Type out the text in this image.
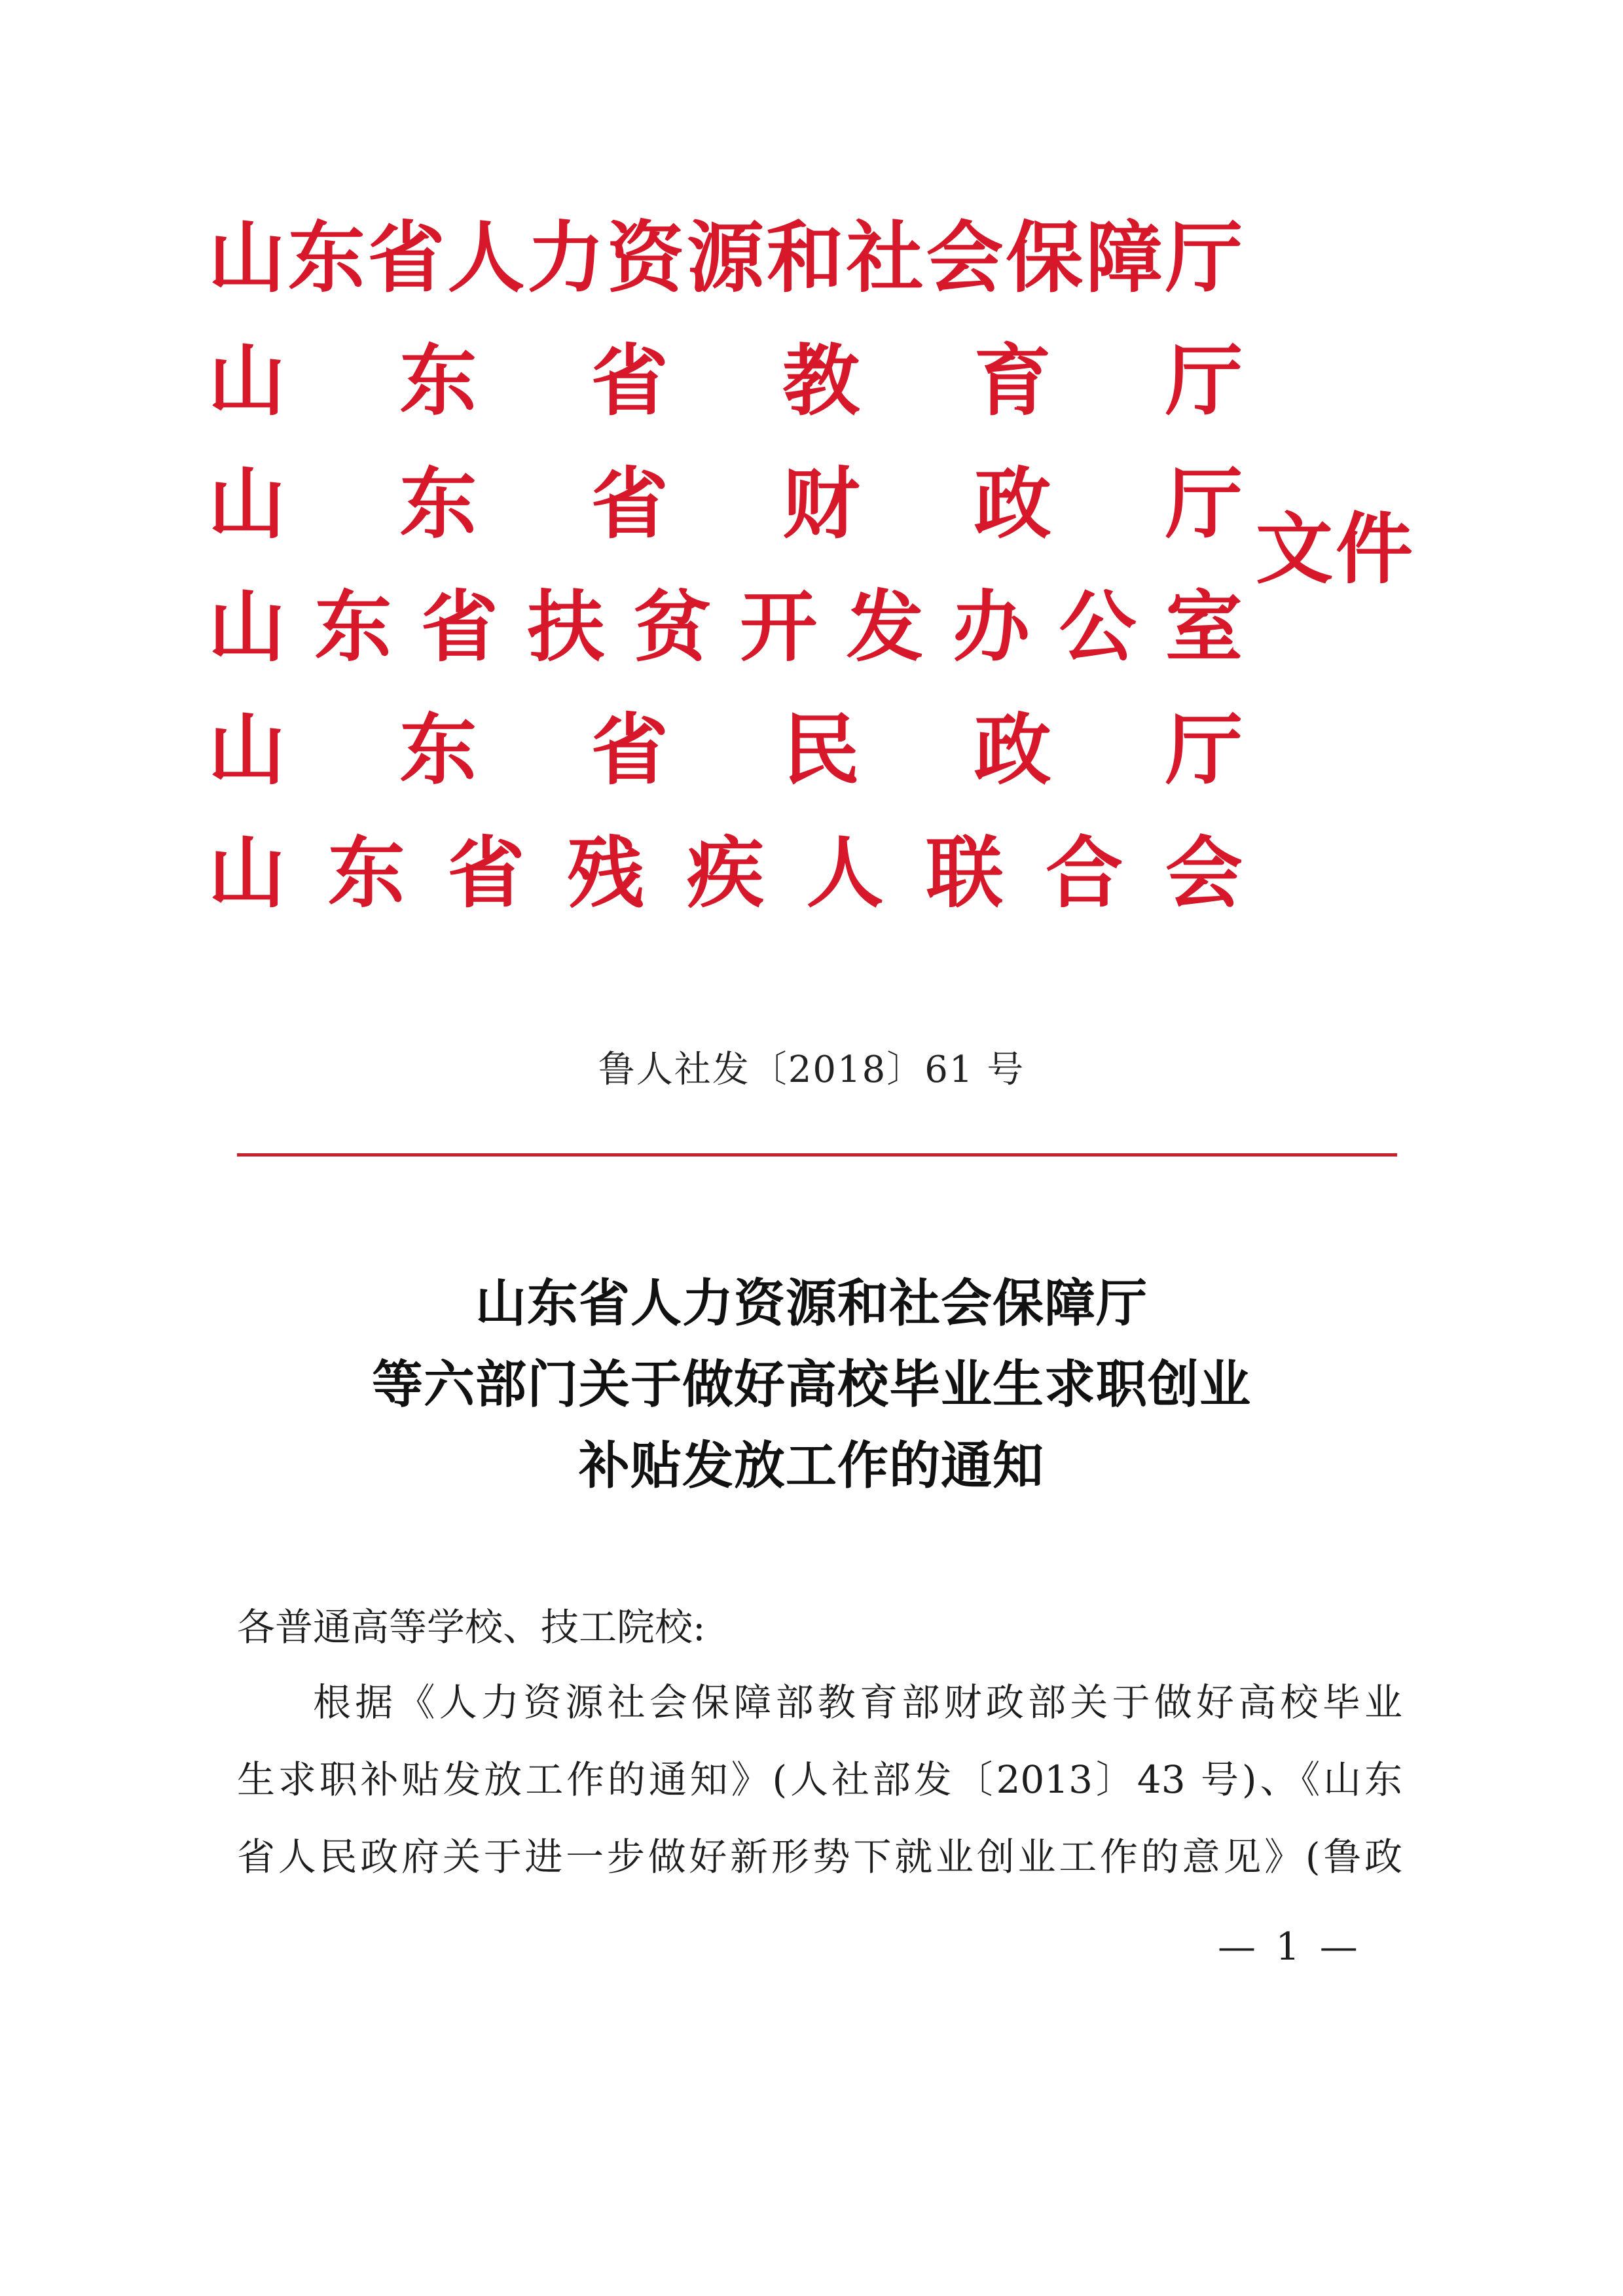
山 东 省 人 力 资 源 和 社 会 保 障 厅
山 东 省 教 育 厅
山 东 省 财 政 厅
山 东 省 扶 贫 开 发 办 公 室
山 东 省 民 政 厅
山 东 省 残 疾 人 联 合 会
文件
鲁人社发〔2018〕61 号
山东省人力资源和社会保障厅
等六部门关于做好高校毕业生求职创业
补贴发放工作的通知
各普通高等学校、技工院校:
根据《人力资源社会保障部教育部财政部关于做好高校毕业
生求职补贴发放工作的通知》(人社部发〔2013〕43 号)、《山东
省人民政府关于进一步做好新形势下就业创业工作的意见》(鲁政
— 1 —
